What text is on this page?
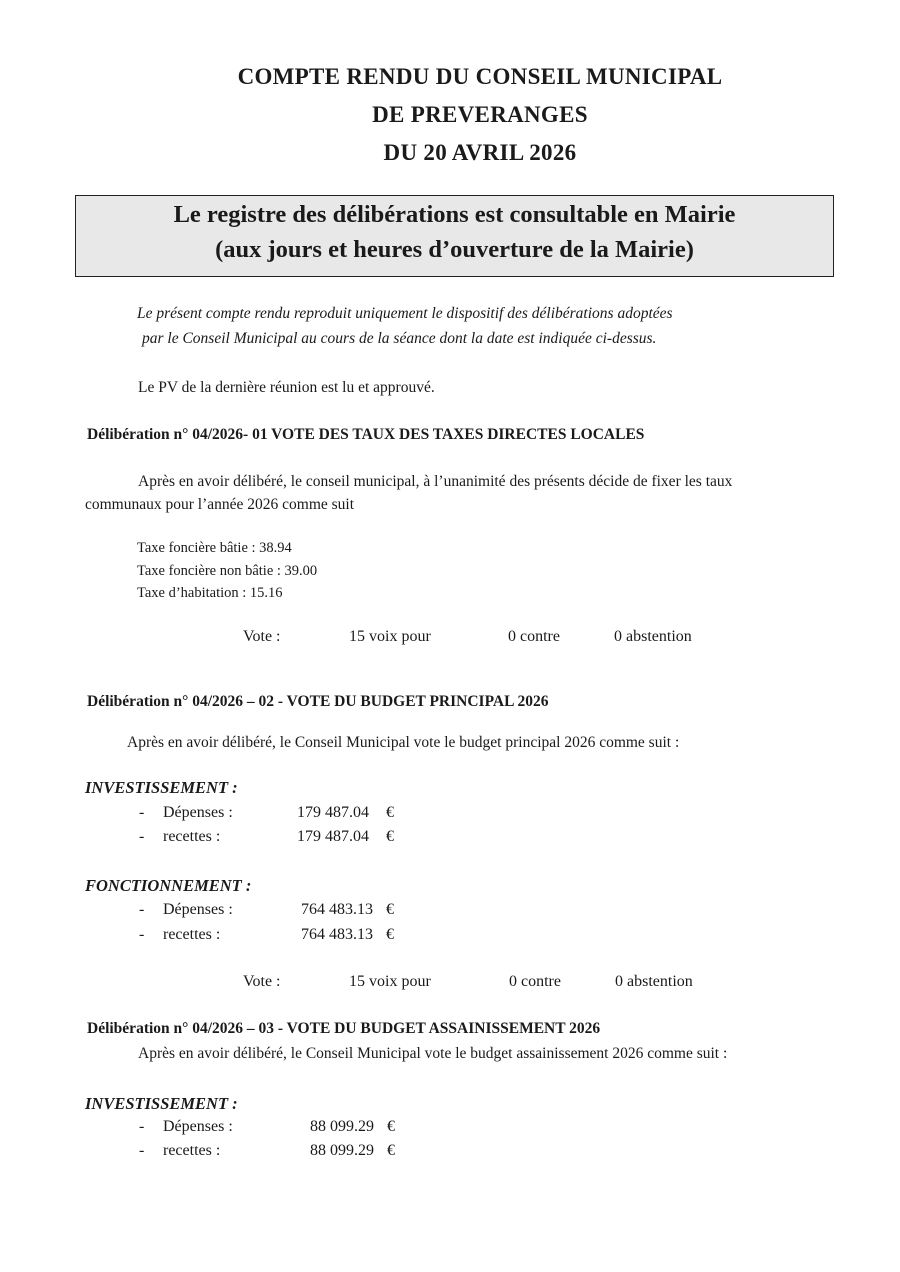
COMPTE RENDU DU CONSEIL MUNICIPAL
DE PREVERANGES
DU 20 AVRIL 2026
Le registre des délibérations est consultable en Mairie
(aux jours et heures d’ouverture de la Mairie)
Le présent compte rendu reproduit uniquement le dispositif des délibérations adoptées
par le Conseil Municipal au cours de la séance dont la date est indiquée ci-dessus.
Le PV de la dernière réunion est lu et approuvé.
Délibération n° 04/2026- 01 VOTE DES TAUX DES TAXES DIRECTES LOCALES
Après en avoir délibéré, le conseil municipal, à l’unanimité des présents décide de fixer les taux
communaux pour l’année 2026 comme suit
Taxe foncière bâtie : 38.94
Taxe foncière non bâtie : 39.00
Taxe d’habitation : 15.16
Vote :	15 voix pour	0 contre	0 abstention
Délibération n° 04/2026 – 02 - VOTE DU BUDGET PRINCIPAL 2026
Après en avoir délibéré, le Conseil Municipal vote le budget principal 2026 comme suit :
INVESTISSEMENT :
- Dépenses :	179 487.04 €
- recettes :	179 487.04 €
FONCTIONNEMENT :
- Dépenses :	764 483.13 €
- recettes :	764 483.13 €
Vote :	15 voix pour	0 contre	0 abstention
Délibération n° 04/2026 – 03 - VOTE DU BUDGET ASSAINISSEMENT 2026
Après en avoir délibéré, le Conseil Municipal vote le budget assainissement 2026 comme suit :
INVESTISSEMENT :
- Dépenses :	88 099.29 €
- recettes :	88 099.29 €
